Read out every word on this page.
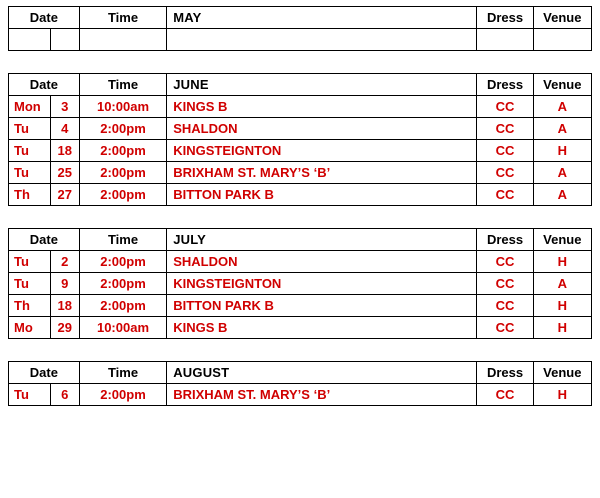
Date		Time	MAY	Dress	Venue

Date		Time	JUNE	Dress	Venue
Mon	3	10:00am	KINGS B	CC	A
Tu	4	2:00pm	SHALDON	CC	A
Tu	18	2:00pm	KINGSTEIGNTON	CC	H
Tu	25	2:00pm	BRIXHAM ST. MARY’S ‘B’	CC	A
Th	27	2:00pm	BITTON PARK B	CC	A
Date		Time	JULY	Dress	Venue
Tu	2	2:00pm	SHALDON	CC	H
Tu	9	2:00pm	KINGSTEIGNTON	CC	A
Th	18	2:00pm	BITTON PARK B	CC	H
Mo	29	10:00am	KINGS B	CC	H
Date		Time	AUGUST	Dress	Venue
Tu	6	2:00pm	BRIXHAM ST. MARY’S ‘B’	CC	H
